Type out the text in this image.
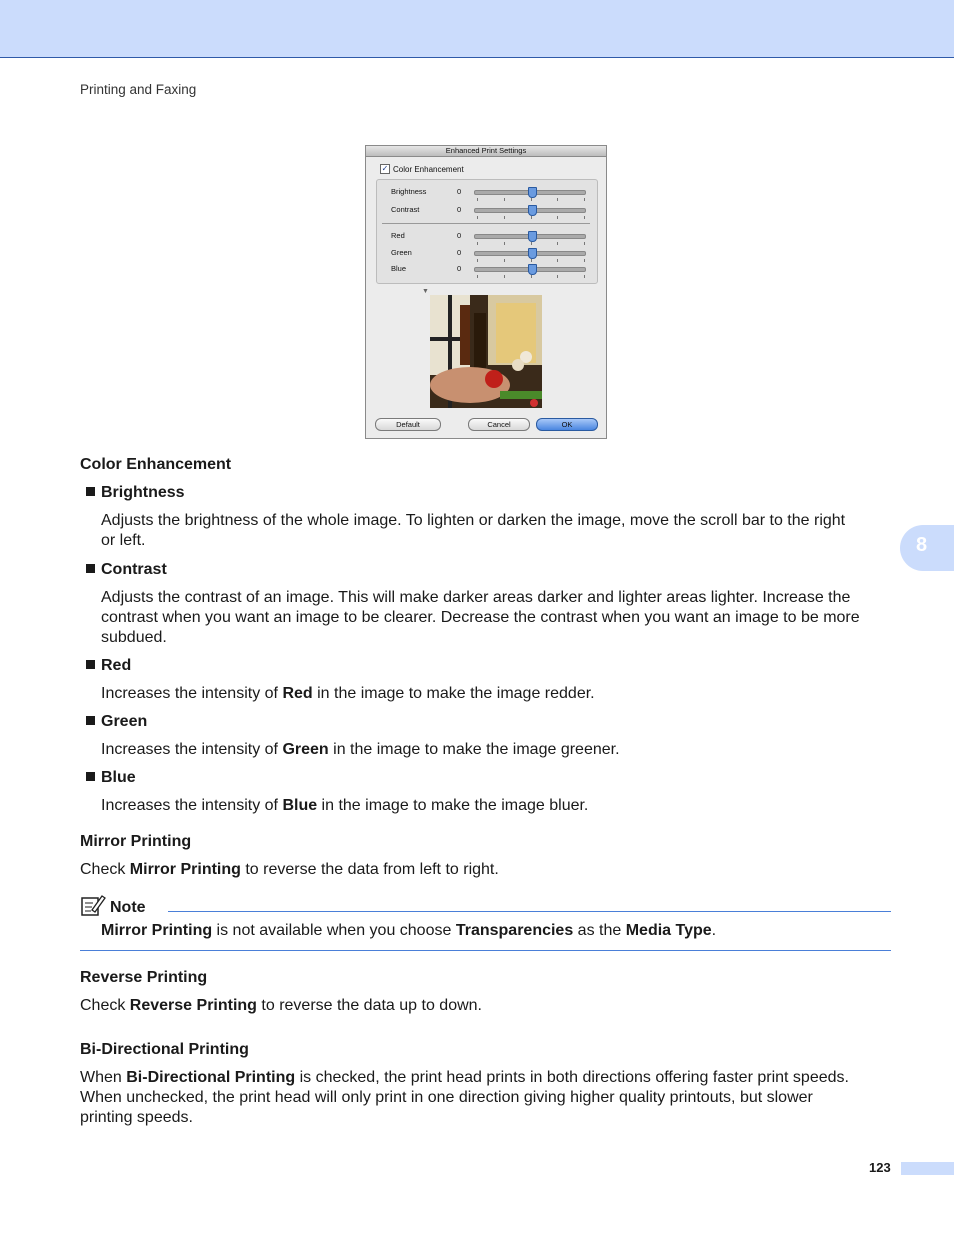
Printing and Faxing
8
Enhanced Print Settings
✓ Color Enhancement
Brightness	0
Contrast	0
Red	0
Green	0
Blue	0
▼
Default	Cancel	OK
Color Enhancement
Brightness
Adjusts the brightness of the whole image. To lighten or darken the image, move the scroll bar to the right
or left.
Contrast
Adjusts the contrast of an image. This will make darker areas darker and lighter areas lighter. Increase the
contrast when you want an image to be clearer. Decrease the contrast when you want an image to be more
subdued.
Red
Increases the intensity of Red in the image to make the image redder.
Green
Increases the intensity of Green in the image to make the image greener.
Blue
Increases the intensity of Blue in the image to make the image bluer.
Mirror Printing
Check Mirror Printing to reverse the data from left to right.
Note
Mirror Printing is not available when you choose Transparencies as the Media Type.
Reverse Printing
Check Reverse Printing to reverse the data up to down.
Bi-Directional Printing
When Bi-Directional Printing is checked, the print head prints in both directions offering faster print speeds.
When unchecked, the print head will only print in one direction giving higher quality printouts, but slower
printing speeds.
123
